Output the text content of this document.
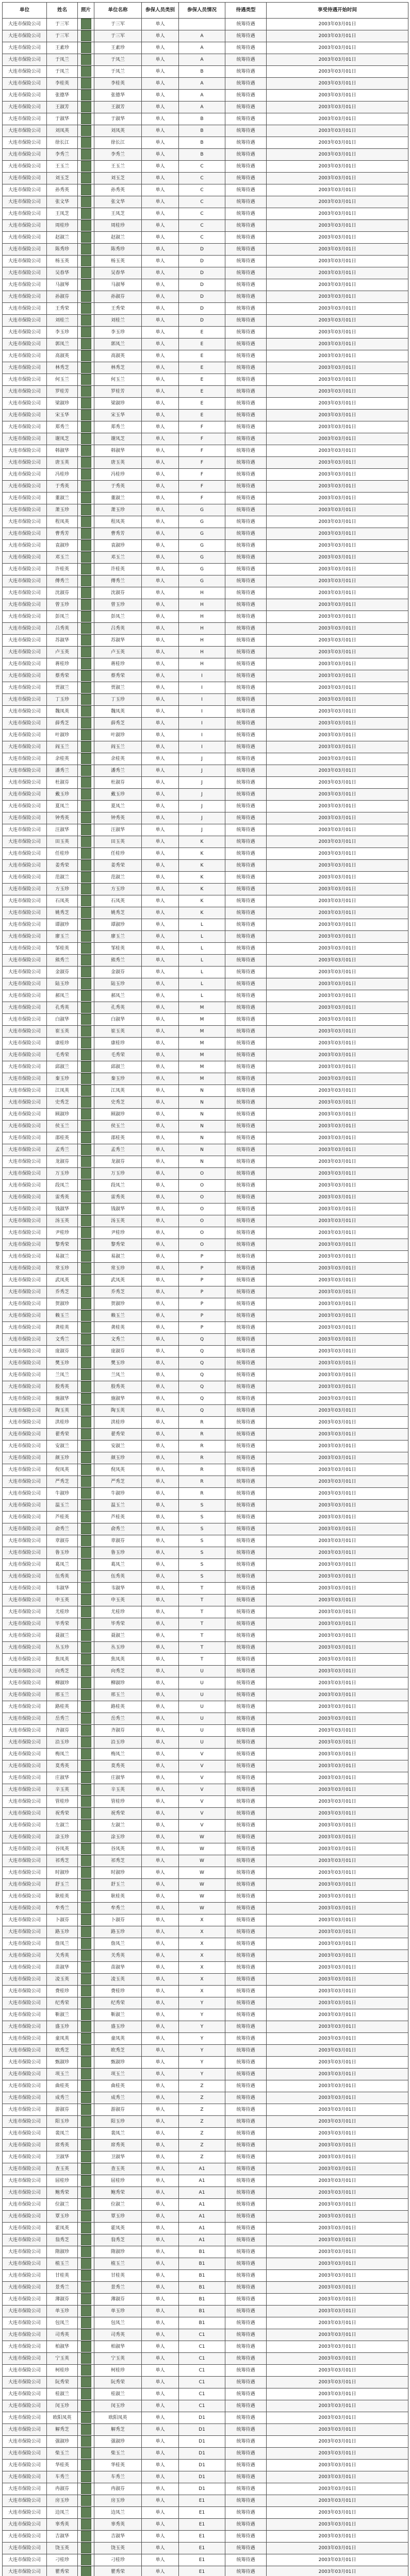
单位	姓名	照片	单位名称	参保人员类别	参保人员情况	待遇类型	享受待遇开始时间
大连市保险公司	于三军		于三军	单人		统筹待遇	2003年03月01日
大连市保险公司	于三军		于三军	单人	A	统筹待遇	2003年03月01日
大连市保险公司	王素珍		王素珍	单人	A	统筹待遇	2003年03月01日
大连市保险公司	于凤兰		于凤兰	单人	A	统筹待遇	2003年03月01日
大连市保险公司	于凤兰		于凤兰	单人	B	统筹待遇	2003年03月01日
大连市保险公司	李桂英		李桂英	单人	A	统筹待遇	2003年03月01日
大连市保险公司	张德华		张德华	单人	A	统筹待遇	2003年03月01日
大连市保险公司	王淑芳		王淑芳	单人	A	统筹待遇	2003年03月01日
大连市保险公司	于淑华		于淑华	单人	B	统筹待遇	2003年03月01日
大连市保险公司	刘凤英		刘凤英	单人	B	统筹待遇	2003年03月01日
大连市保险公司	徐长江		徐长江	单人	B	统筹待遇	2003年03月01日
大连市保险公司	李秀兰		李秀兰	单人	B	统筹待遇	2003年03月01日
大连市保险公司	王玉兰		王玉兰	单人	C	统筹待遇	2003年03月01日
大连市保险公司	刘玉芝		刘玉芝	单人	C	统筹待遇	2003年03月01日
大连市保险公司	孙秀英		孙秀英	单人	C	统筹待遇	2003年03月01日
大连市保险公司	张文华		张文华	单人	C	统筹待遇	2003年03月01日
大连市保险公司	王凤芝		王凤芝	单人	C	统筹待遇	2003年03月01日
大连市保险公司	周桂珍		周桂珍	单人	C	统筹待遇	2003年03月01日
大连市保险公司	赵淑兰		赵淑兰	单人	C	统筹待遇	2003年03月01日
大连市保险公司	陈秀珍		陈秀珍	单人	D	统筹待遇	2003年03月01日
大连市保险公司	杨玉英		杨玉英	单人	D	统筹待遇	2003年03月01日
大连市保险公司	吴春华		吴春华	单人	D	统筹待遇	2003年03月01日
大连市保险公司	马淑琴		马淑琴	单人	D	统筹待遇	2003年03月01日
大连市保险公司	孙淑芬		孙淑芬	单人	D	统筹待遇	2003年03月01日
大连市保险公司	王秀荣		王秀荣	单人	D	统筹待遇	2003年03月01日
大连市保险公司	刘桂兰		刘桂兰	单人	D	统筹待遇	2003年03月01日
大连市保险公司	李玉珍		李玉珍	单人	E	统筹待遇	2003年03月01日
大连市保险公司	郭凤兰		郭凤兰	单人	E	统筹待遇	2003年03月01日
大连市保险公司	高淑英		高淑英	单人	E	统筹待遇	2003年03月01日
大连市保险公司	林秀芝		林秀芝	单人	E	统筹待遇	2003年03月01日
大连市保险公司	何玉兰		何玉兰	单人	E	统筹待遇	2003年03月01日
大连市保险公司	罗桂芳		罗桂芳	单人	E	统筹待遇	2003年03月01日
大连市保险公司	梁淑珍		梁淑珍	单人	E	统筹待遇	2003年03月01日
大连市保险公司	宋玉华		宋玉华	单人	E	统筹待遇	2003年03月01日
大连市保险公司	郑秀兰		郑秀兰	单人	F	统筹待遇	2003年03月01日
大连市保险公司	谢凤芝		谢凤芝	单人	F	统筹待遇	2003年03月01日
大连市保险公司	韩淑华		韩淑华	单人	F	统筹待遇	2003年03月01日
大连市保险公司	唐玉英		唐玉英	单人	F	统筹待遇	2003年03月01日
大连市保险公司	冯桂珍		冯桂珍	单人	F	统筹待遇	2003年03月01日
大连市保险公司	于秀英		于秀英	单人	F	统筹待遇	2003年03月01日
大连市保险公司	董淑兰		董淑兰	单人	F	统筹待遇	2003年03月01日
大连市保险公司	萧玉珍		萧玉珍	单人	G	统筹待遇	2003年03月01日
大连市保险公司	程凤英		程凤英	单人	G	统筹待遇	2003年03月01日
大连市保险公司	曹秀芳		曹秀芳	单人	G	统筹待遇	2003年03月01日
大连市保险公司	袁淑珍		袁淑珍	单人	G	统筹待遇	2003年03月01日
大连市保险公司	邓玉兰		邓玉兰	单人	G	统筹待遇	2003年03月01日
大连市保险公司	许桂英		许桂英	单人	G	统筹待遇	2003年03月01日
大连市保险公司	傅秀兰		傅秀兰	单人	G	统筹待遇	2003年03月01日
大连市保险公司	沈淑芬		沈淑芬	单人	H	统筹待遇	2003年03月01日
大连市保险公司	曾玉珍		曾玉珍	单人	H	统筹待遇	2003年03月01日
大连市保险公司	彭凤兰		彭凤兰	单人	H	统筹待遇	2003年03月01日
大连市保险公司	吕秀英		吕秀英	单人	H	统筹待遇	2003年03月01日
大连市保险公司	苏淑华		苏淑华	单人	H	统筹待遇	2003年03月01日
大连市保险公司	卢玉英		卢玉英	单人	H	统筹待遇	2003年03月01日
大连市保险公司	蒋桂珍		蒋桂珍	单人	H	统筹待遇	2003年03月01日
大连市保险公司	蔡秀荣		蔡秀荣	单人	I	统筹待遇	2003年03月01日
大连市保险公司	贾淑兰		贾淑兰	单人	I	统筹待遇	2003年03月01日
大连市保险公司	丁玉珍		丁玉珍	单人	I	统筹待遇	2003年03月01日
大连市保险公司	魏凤英		魏凤英	单人	I	统筹待遇	2003年03月01日
大连市保险公司	薛秀芝		薛秀芝	单人	I	统筹待遇	2003年03月01日
大连市保险公司	叶淑珍		叶淑珍	单人	I	统筹待遇	2003年03月01日
大连市保险公司	阎玉兰		阎玉兰	单人	I	统筹待遇	2003年03月01日
大连市保险公司	余桂英		余桂英	单人	J	统筹待遇	2003年03月01日
大连市保险公司	潘秀兰		潘秀兰	单人	J	统筹待遇	2003年03月01日
大连市保险公司	杜淑芬		杜淑芬	单人	J	统筹待遇	2003年03月01日
大连市保险公司	戴玉珍		戴玉珍	单人	J	统筹待遇	2003年03月01日
大连市保险公司	夏凤兰		夏凤兰	单人	J	统筹待遇	2003年03月01日
大连市保险公司	钟秀英		钟秀英	单人	J	统筹待遇	2003年03月01日
大连市保险公司	汪淑华		汪淑华	单人	J	统筹待遇	2003年03月01日
大连市保险公司	田玉英		田玉英	单人	K	统筹待遇	2003年03月01日
大连市保险公司	任桂珍		任桂珍	单人	K	统筹待遇	2003年03月01日
大连市保险公司	姜秀荣		姜秀荣	单人	K	统筹待遇	2003年03月01日
大连市保险公司	范淑兰		范淑兰	单人	K	统筹待遇	2003年03月01日
大连市保险公司	方玉珍		方玉珍	单人	K	统筹待遇	2003年03月01日
大连市保险公司	石凤英		石凤英	单人	K	统筹待遇	2003年03月01日
大连市保险公司	姚秀芝		姚秀芝	单人	K	统筹待遇	2003年03月01日
大连市保险公司	谭淑珍		谭淑珍	单人	L	统筹待遇	2003年03月01日
大连市保险公司	廖玉兰		廖玉兰	单人	L	统筹待遇	2003年03月01日
大连市保险公司	邹桂英		邹桂英	单人	L	统筹待遇	2003年03月01日
大连市保险公司	熊秀兰		熊秀兰	单人	L	统筹待遇	2003年03月01日
大连市保险公司	金淑芬		金淑芬	单人	L	统筹待遇	2003年03月01日
大连市保险公司	陆玉珍		陆玉珍	单人	L	统筹待遇	2003年03月01日
大连市保险公司	郝凤兰		郝凤兰	单人	L	统筹待遇	2003年03月01日
大连市保险公司	孔秀英		孔秀英	单人	M	统筹待遇	2003年03月01日
大连市保险公司	白淑华		白淑华	单人	M	统筹待遇	2003年03月01日
大连市保险公司	崔玉英		崔玉英	单人	M	统筹待遇	2003年03月01日
大连市保险公司	康桂珍		康桂珍	单人	M	统筹待遇	2003年03月01日
大连市保险公司	毛秀荣		毛秀荣	单人	M	统筹待遇	2003年03月01日
大连市保险公司	邱淑兰		邱淑兰	单人	M	统筹待遇	2003年03月01日
大连市保险公司	秦玉珍		秦玉珍	单人	M	统筹待遇	2003年03月01日
大连市保险公司	江凤英		江凤英	单人	N	统筹待遇	2003年03月01日
大连市保险公司	史秀芝		史秀芝	单人	N	统筹待遇	2003年03月01日
大连市保险公司	顾淑珍		顾淑珍	单人	N	统筹待遇	2003年03月01日
大连市保险公司	侯玉兰		侯玉兰	单人	N	统筹待遇	2003年03月01日
大连市保险公司	邵桂英		邵桂英	单人	N	统筹待遇	2003年03月01日
大连市保险公司	孟秀兰		孟秀兰	单人	N	统筹待遇	2003年03月01日
大连市保险公司	龙淑芬		龙淑芬	单人	N	统筹待遇	2003年03月01日
大连市保险公司	万玉珍		万玉珍	单人	O	统筹待遇	2003年03月01日
大连市保险公司	段凤兰		段凤兰	单人	O	统筹待遇	2003年03月01日
大连市保险公司	雷秀英		雷秀英	单人	O	统筹待遇	2003年03月01日
大连市保险公司	钱淑华		钱淑华	单人	O	统筹待遇	2003年03月01日
大连市保险公司	汤玉英		汤玉英	单人	O	统筹待遇	2003年03月01日
大连市保险公司	尹桂珍		尹桂珍	单人	O	统筹待遇	2003年03月01日
大连市保险公司	黎秀荣		黎秀荣	单人	O	统筹待遇	2003年03月01日
大连市保险公司	易淑兰		易淑兰	单人	P	统筹待遇	2003年03月01日
大连市保险公司	常玉珍		常玉珍	单人	P	统筹待遇	2003年03月01日
大连市保险公司	武凤英		武凤英	单人	P	统筹待遇	2003年03月01日
大连市保险公司	乔秀芝		乔秀芝	单人	P	统筹待遇	2003年03月01日
大连市保险公司	贺淑珍		贺淑珍	单人	P	统筹待遇	2003年03月01日
大连市保险公司	赖玉兰		赖玉兰	单人	P	统筹待遇	2003年03月01日
大连市保险公司	龚桂英		龚桂英	单人	P	统筹待遇	2003年03月01日
大连市保险公司	文秀兰		文秀兰	单人	Q	统筹待遇	2003年03月01日
大连市保险公司	庞淑芬		庞淑芬	单人	Q	统筹待遇	2003年03月01日
大连市保险公司	樊玉珍		樊玉珍	单人	Q	统筹待遇	2003年03月01日
大连市保险公司	兰凤兰		兰凤兰	单人	Q	统筹待遇	2003年03月01日
大连市保险公司	殷秀英		殷秀英	单人	Q	统筹待遇	2003年03月01日
大连市保险公司	施淑华		施淑华	单人	Q	统筹待遇	2003年03月01日
大连市保险公司	陶玉英		陶玉英	单人	Q	统筹待遇	2003年03月01日
大连市保险公司	洪桂珍		洪桂珍	单人	R	统筹待遇	2003年03月01日
大连市保险公司	翟秀荣		翟秀荣	单人	R	统筹待遇	2003年03月01日
大连市保险公司	安淑兰		安淑兰	单人	R	统筹待遇	2003年03月01日
大连市保险公司	颜玉珍		颜玉珍	单人	R	统筹待遇	2003年03月01日
大连市保险公司	倪凤英		倪凤英	单人	R	统筹待遇	2003年03月01日
大连市保险公司	严秀芝		严秀芝	单人	R	统筹待遇	2003年03月01日
大连市保险公司	牛淑珍		牛淑珍	单人	R	统筹待遇	2003年03月01日
大连市保险公司	温玉兰		温玉兰	单人	S	统筹待遇	2003年03月01日
大连市保险公司	芦桂英		芦桂英	单人	S	统筹待遇	2003年03月01日
大连市保险公司	俞秀兰		俞秀兰	单人	S	统筹待遇	2003年03月01日
大连市保险公司	章淑芬		章淑芬	单人	S	统筹待遇	2003年03月01日
大连市保险公司	鲁玉珍		鲁玉珍	单人	S	统筹待遇	2003年03月01日
大连市保险公司	葛凤兰		葛凤兰	单人	S	统筹待遇	2003年03月01日
大连市保险公司	伍秀英		伍秀英	单人	S	统筹待遇	2003年03月01日
大连市保险公司	韦淑华		韦淑华	单人	T	统筹待遇	2003年03月01日
大连市保险公司	申玉英		申玉英	单人	T	统筹待遇	2003年03月01日
大连市保险公司	尤桂珍		尤桂珍	单人	T	统筹待遇	2003年03月01日
大连市保险公司	毕秀荣		毕秀荣	单人	T	统筹待遇	2003年03月01日
大连市保险公司	聂淑兰		聂淑兰	单人	T	统筹待遇	2003年03月01日
大连市保险公司	丛玉珍		丛玉珍	单人	T	统筹待遇	2003年03月01日
大连市保险公司	焦凤英		焦凤英	单人	T	统筹待遇	2003年03月01日
大连市保险公司	向秀芝		向秀芝	单人	U	统筹待遇	2003年03月01日
大连市保险公司	柳淑珍		柳淑珍	单人	U	统筹待遇	2003年03月01日
大连市保险公司	邢玉兰		邢玉兰	单人	U	统筹待遇	2003年03月01日
大连市保险公司	路桂英		路桂英	单人	U	统筹待遇	2003年03月01日
大连市保险公司	岳秀兰		岳秀兰	单人	U	统筹待遇	2003年03月01日
大连市保险公司	齐淑芬		齐淑芬	单人	U	统筹待遇	2003年03月01日
大连市保险公司	沿玉珍		沿玉珍	单人	U	统筹待遇	2003年03月01日
大连市保险公司	梅凤兰		梅凤兰	单人	V	统筹待遇	2003年03月01日
大连市保险公司	莫秀英		莫秀英	单人	V	统筹待遇	2003年03月01日
大连市保险公司	庄淑华		庄淑华	单人	V	统筹待遇	2003年03月01日
大连市保险公司	辛玉英		辛玉英	单人	V	统筹待遇	2003年03月01日
大连市保险公司	管桂珍		管桂珍	单人	V	统筹待遇	2003年03月01日
大连市保险公司	祝秀荣		祝秀荣	单人	V	统筹待遇	2003年03月01日
大连市保险公司	左淑兰		左淑兰	单人	V	统筹待遇	2003年03月01日
大连市保险公司	涂玉珍		涂玉珍	单人	W	统筹待遇	2003年03月01日
大连市保险公司	谷凤英		谷凤英	单人	W	统筹待遇	2003年03月01日
大连市保险公司	祁秀芝		祁秀芝	单人	W	统筹待遇	2003年03月01日
大连市保险公司	时淑珍		时淑珍	单人	W	统筹待遇	2003年03月01日
大连市保险公司	舒玉兰		舒玉兰	单人	W	统筹待遇	2003年03月01日
大连市保险公司	耿桂英		耿桂英	单人	W	统筹待遇	2003年03月01日
大连市保险公司	牟秀兰		牟秀兰	单人	W	统筹待遇	2003年03月01日
大连市保险公司	卜淑芬		卜淑芬	单人	X	统筹待遇	2003年03月01日
大连市保险公司	路玉珍		路玉珍	单人	X	统筹待遇	2003年03月01日
大连市保险公司	詹凤兰		詹凤兰	单人	X	统筹待遇	2003年03月01日
大连市保险公司	关秀英		关秀英	单人	X	统筹待遇	2003年03月01日
大连市保险公司	苗淑华		苗淑华	单人	X	统筹待遇	2003年03月01日
大连市保险公司	凌玉英		凌玉英	单人	X	统筹待遇	2003年03月01日
大连市保险公司	费桂珍		费桂珍	单人	X	统筹待遇	2003年03月01日
大连市保险公司	纪秀荣		纪秀荣	单人	Y	统筹待遇	2003年03月01日
大连市保险公司	靳淑兰		靳淑兰	单人	Y	统筹待遇	2003年03月01日
大连市保险公司	盛玉珍		盛玉珍	单人	Y	统筹待遇	2003年03月01日
大连市保险公司	童凤英		童凤英	单人	Y	统筹待遇	2003年03月01日
大连市保险公司	欧秀芝		欧秀芝	单人	Y	统筹待遇	2003年03月01日
大连市保险公司	甄淑珍		甄淑珍	单人	Y	统筹待遇	2003年03月01日
大连市保险公司	项玉兰		项玉兰	单人	Y	统筹待遇	2003年03月01日
大连市保险公司	曲桂英		曲桂英	单人	Z	统筹待遇	2003年03月01日
大连市保险公司	成秀兰		成秀兰	单人	Z	统筹待遇	2003年03月01日
大连市保险公司	游淑芬		游淑芬	单人	Z	统筹待遇	2003年03月01日
大连市保险公司	阳玉珍		阳玉珍	单人	Z	统筹待遇	2003年03月01日
大连市保险公司	裴凤兰		裴凤兰	单人	Z	统筹待遇	2003年03月01日
大连市保险公司	席秀英		席秀英	单人	Z	统筹待遇	2003年03月01日
大连市保险公司	卫淑华		卫淑华	单人	Z	统筹待遇	2003年03月01日
大连市保险公司	查玉英		查玉英	单人	A1	统筹待遇	2003年03月01日
大连市保险公司	屈桂珍		屈桂珍	单人	A1	统筹待遇	2003年03月01日
大连市保险公司	鲍秀荣		鲍秀荣	单人	A1	统筹待遇	2003年03月01日
大连市保险公司	位淑兰		位淑兰	单人	A1	统筹待遇	2003年03月01日
大连市保险公司	覃玉珍		覃玉珍	单人	A1	统筹待遇	2003年03月01日
大连市保险公司	霍凤英		霍凤英	单人	A1	统筹待遇	2003年03月01日
大连市保险公司	翁秀芝		翁秀芝	单人	A1	统筹待遇	2003年03月01日
大连市保险公司	隋淑珍		隋淑珍	单人	B1	统筹待遇	2003年03月01日
大连市保险公司	植玉兰		植玉兰	单人	B1	统筹待遇	2003年03月01日
大连市保险公司	甘桂英		甘桂英	单人	B1	统筹待遇	2003年03月01日
大连市保险公司	景秀兰		景秀兰	单人	B1	统筹待遇	2003年03月01日
大连市保险公司	薄淑芬		薄淑芬	单人	B1	统筹待遇	2003年03月01日
大连市保险公司	单玉珍		单玉珍	单人	B1	统筹待遇	2003年03月01日
大连市保险公司	包凤兰		包凤兰	单人	B1	统筹待遇	2003年03月01日
大连市保险公司	司秀英		司秀英	单人	C1	统筹待遇	2003年03月01日
大连市保险公司	柏淑华		柏淑华	单人	C1	统筹待遇	2003年03月01日
大连市保险公司	宁玉英		宁玉英	单人	C1	统筹待遇	2003年03月01日
大连市保险公司	柯桂珍		柯桂珍	单人	C1	统筹待遇	2003年03月01日
大连市保险公司	阮秀荣		阮秀荣	单人	C1	统筹待遇	2003年03月01日
大连市保险公司	桂淑兰		桂淑兰	单人	C1	统筹待遇	2003年03月01日
大连市保险公司	闵玉珍		闵玉珍	单人	C1	统筹待遇	2003年03月01日
大连市保险公司	欧阳凤英		欧阳凤英	单人	D1	统筹待遇	2003年03月01日
大连市保险公司	解秀芝		解秀芝	单人	D1	统筹待遇	2003年03月01日
大连市保险公司	强淑珍		强淑珍	单人	D1	统筹待遇	2003年03月01日
大连市保险公司	柴玉兰		柴玉兰	单人	D1	统筹待遇	2003年03月01日
大连市保险公司	华桂英		华桂英	单人	D1	统筹待遇	2003年03月01日
大连市保险公司	车秀兰		车秀兰	单人	D1	统筹待遇	2003年03月01日
大连市保险公司	冉淑芬		冉淑芬	单人	D1	统筹待遇	2003年03月01日
大连市保险公司	房玉珍		房玉珍	单人	E1	统筹待遇	2003年03月01日
大连市保险公司	边凤兰		边凤兰	单人	E1	统筹待遇	2003年03月01日
大连市保险公司	辜秀英		辜秀英	单人	E1	统筹待遇	2003年03月01日
大连市保险公司	吉淑华		吉淑华	单人	E1	统筹待遇	2003年03月01日
大连市保险公司	饶玉英		饶玉英	单人	E1	统筹待遇	2003年03月01日
大连市保险公司	刁桂珍		刁桂珍	单人	E1	统筹待遇	2003年03月01日
大连市保险公司	瞿秀荣		瞿秀荣	单人	E1	统筹待遇	2003年03月01日
